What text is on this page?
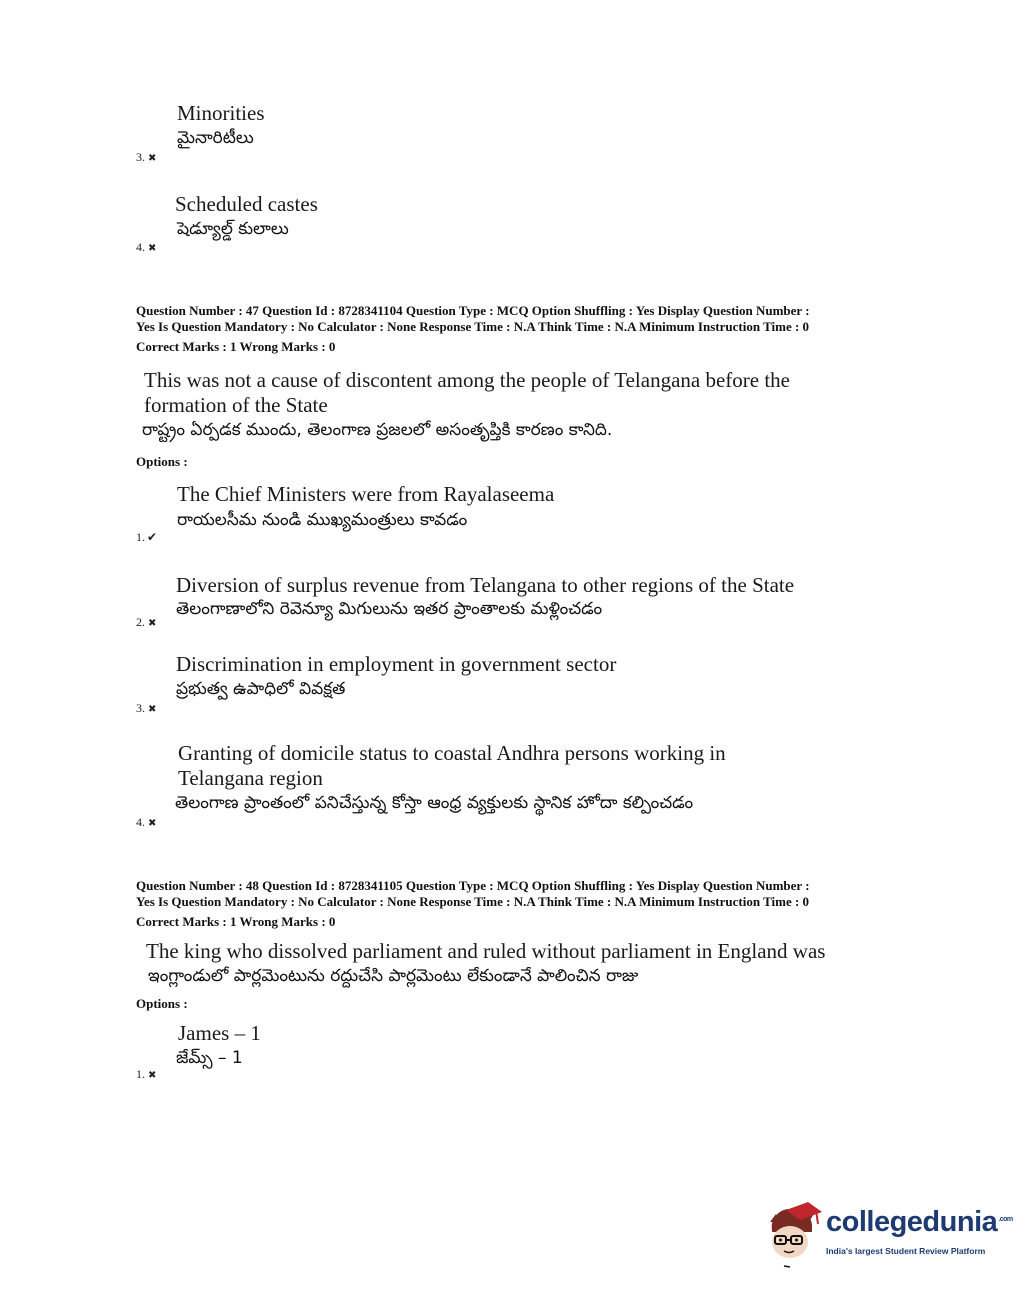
Minorities
మైనారిటీలు
3. ✖
Scheduled castes
షెడ్యూల్డ్ కులాలు
4. ✖
Question Number : 47 Question Id : 8728341104 Question Type : MCQ Option Shuffling : Yes Display Question Number :
Yes Is Question Mandatory : No Calculator : None Response Time : N.A Think Time : N.A Minimum Instruction Time : 0
Correct Marks : 1 Wrong Marks : 0
This was not a cause of discontent among the people of Telangana before the
formation of the State
రాష్ట్రం ఏర్పడక ముందు, తెలంగాణ ప్రజలలో అసంతృప్తికి కారణం కానిది.
Options :
The Chief Ministers were from Rayalaseema
రాయలసీమ నుండి ముఖ్యమంత్రులు కావడం
1. ✔
Diversion of surplus revenue from Telangana to other regions of the State
తెలంగాణాలోని రెవెన్యూ మిగులును ఇతర ప్రాంతాలకు మళ్లించడం
2. ✖
Discrimination in employment in government sector
ప్రభుత్వ ఉపాధిలో వివక్షత
3. ✖
Granting of domicile status to coastal Andhra persons working in
Telangana region
తెలంగాణ ప్రాంతంలో పనిచేస్తున్న కోస్తా ఆంధ్ర వ్యక్తులకు స్థానిక హోదా కల్పించడం
4. ✖
Question Number : 48 Question Id : 8728341105 Question Type : MCQ Option Shuffling : Yes Display Question Number :
Yes Is Question Mandatory : No Calculator : None Response Time : N.A Think Time : N.A Minimum Instruction Time : 0
Correct Marks : 1 Wrong Marks : 0
The king who dissolved parliament and ruled without parliament in England was
ఇంగ్లాండులో పార్లమెంటును రద్దుచేసి పార్లమెంటు లేకుండానే పాలించిన రాజు
Options :
James – 1
జేమ్స్ – 1
1. ✖
collegedunia$^{.com}$
India's largest Student Review Platform
